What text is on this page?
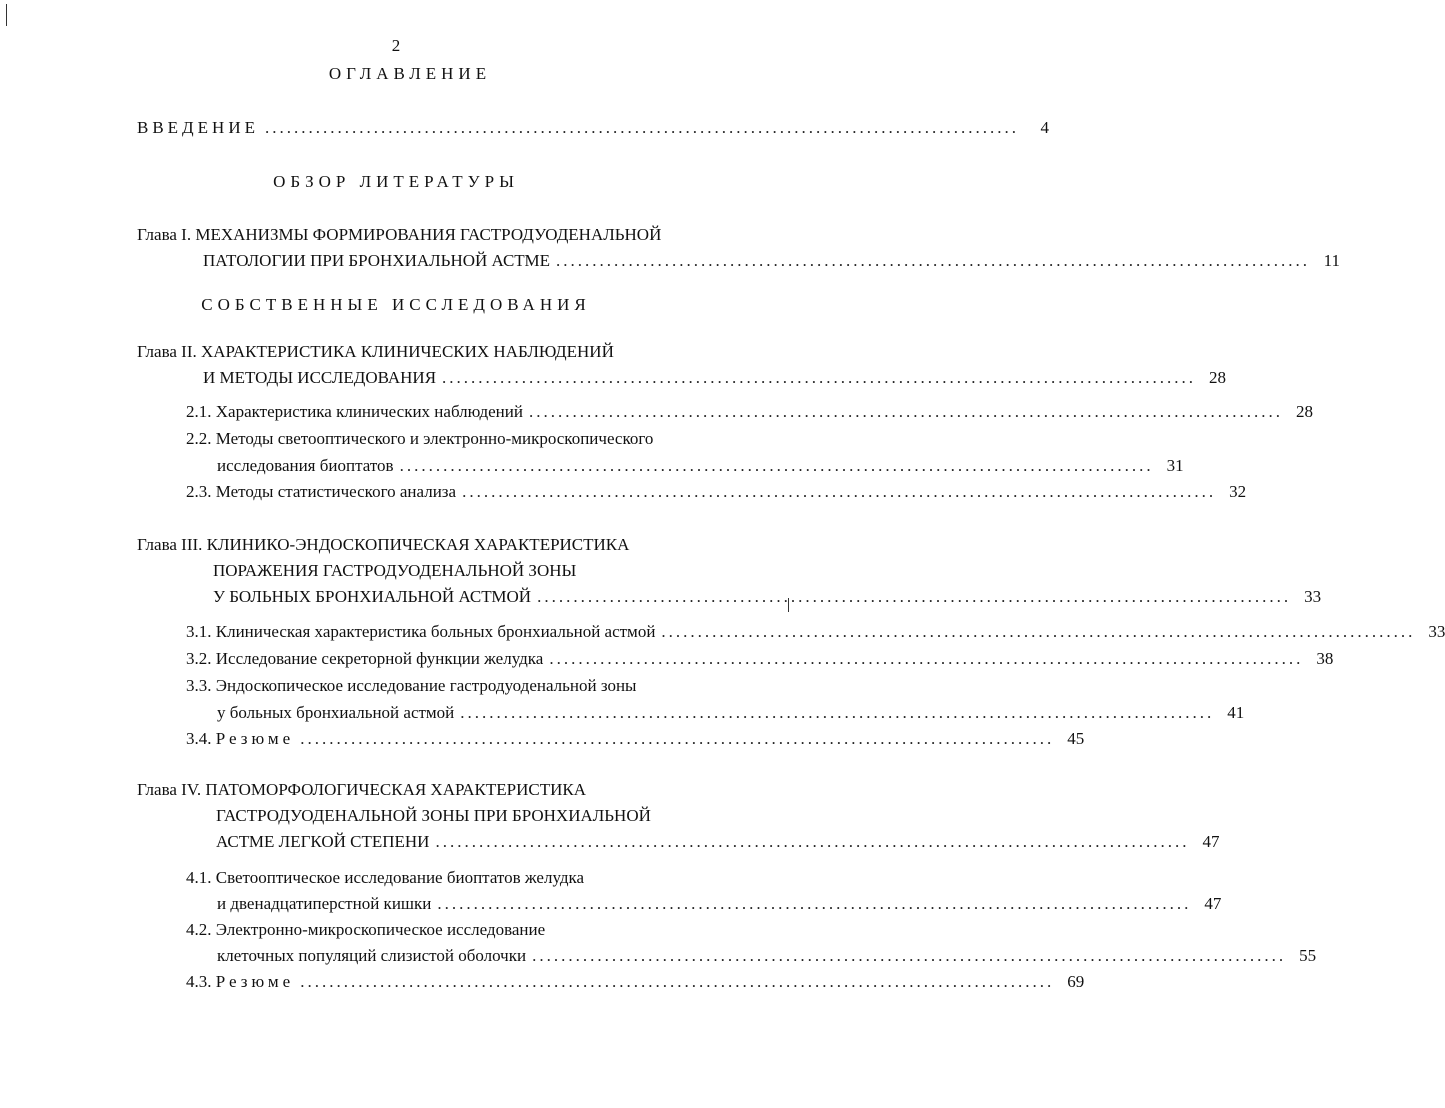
2
ОГЛАВЛЕНИЕ
ВВЕДЕНИЕ ........................................................................................................	4
ОБЗОР ЛИТЕРАТУРЫ
Глава I. МЕХАНИЗМЫ ФОРМИРОВАНИЯ ГАСТРОДУОДЕНАЛЬНОЙ
ПАТОЛОГИИ ПРИ БРОНХИАЛЬНОЙ АСТМЕ ........................................................................................................ 11
СОБСТВЕННЫЕ ИССЛЕДОВАНИЯ
Глава II. ХАРАКТЕРИСТИКА КЛИНИЧЕСКИХ НАБЛЮДЕНИЙ
И МЕТОДЫ ИССЛЕДОВАНИЯ ........................................................................................................ 28
2.1.
Характеристика клинических наблюдений ........................................................................................................ 28
2.2. Методы светооптического и электронно-микроскопического
исследования биоптатов ........................................................................................................ 31
2.3.
Методы статистического анализа ........................................................................................................ 32
Глава III. КЛИНИКО-ЭНДОСКОПИЧЕСКАЯ ХАРАКТЕРИСТИКА
ПОРАЖЕНИЯ ГАСТРОДУОДЕНАЛЬНОЙ ЗОНЫ
У БОЛЬНЫХ БРОНХИАЛЬНОЙ АСТМОЙ ........................................................................................................ 33
3.1.
Клиническая характеристика больных бронхиальной астмой ........................................................................................................ 33
3.2.
Исследование секреторной функции желудка ........................................................................................................ 38
3.3. Эндоскопическое исследование гастродуоденальной зоны
у больных бронхиальной астмой ........................................................................................................ 41
3.4.
Резюме ........................................................................................................ 45
Глава IV. ПАТОМОРФОЛОГИЧЕСКАЯ ХАРАКТЕРИСТИКА
ГАСТРОДУОДЕНАЛЬНОЙ ЗОНЫ ПРИ БРОНХИАЛЬНОЙ
АСТМЕ ЛЕГКОЙ СТЕПЕНИ ........................................................................................................ 47
4.1. Светооптическое исследование биоптатов желудка
и двенадцатиперстной кишки ........................................................................................................ 47
4.2. Электронно-микроскопическое исследование
клеточных популяций слизистой оболочки ........................................................................................................ 55
4.3.
Резюме ........................................................................................................ 69
